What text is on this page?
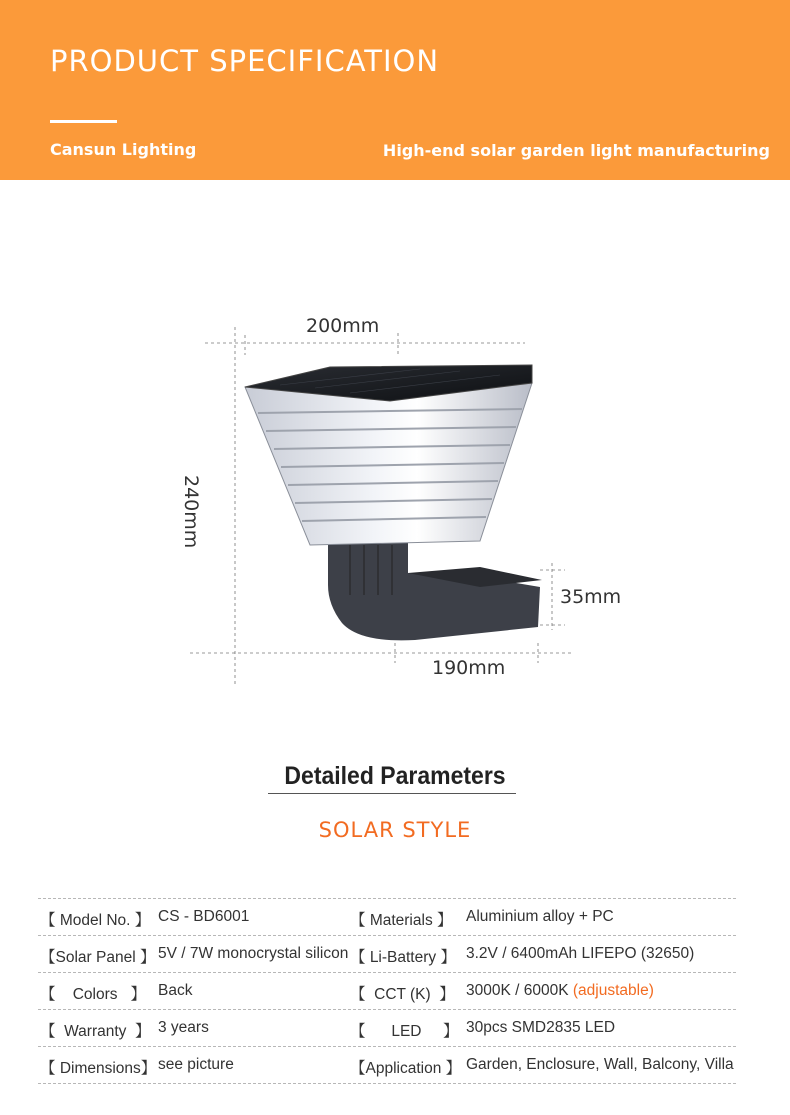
PRODUCT SPECIFICATION
Cansun Lighting	High-end solar garden light manufacturing
200mm
240mm
35mm
190mm
Detailed Parameters
SOLAR STYLE
【 Model No. 】 CS - BD6001	【 Materials 】 Aluminium alloy + PC
【Solar Panel 】 5V / 7W monocrystal silicon 【 Li-Battery 】 3.2V / 6400mAh LIFEPO (32650)
【    Colors   】 Back	【  CCT (K)  】 3000K / 6000K (adjustable)
【  Warranty  】 3 years	【      LED     】 30pcs SMD2835 LED
【 Dimensions】 see picture	【Application 】 Garden, Enclosure, Wall, Balcony, Villa
